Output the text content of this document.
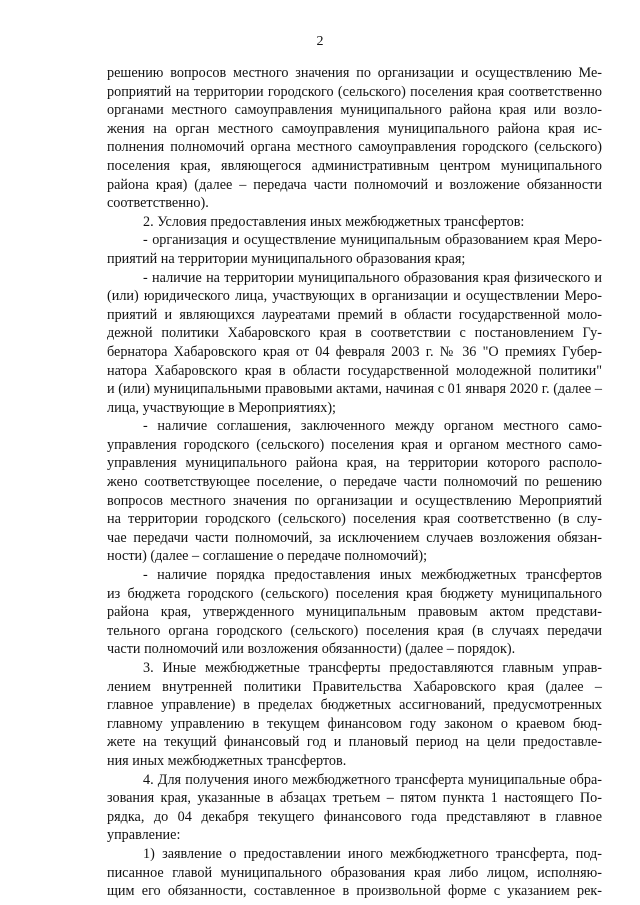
2
решению вопросов местного значения по организации и осуществлению Ме-
роприятий на территории городского (сельского) поселения края соответственно
органами местного самоуправления муниципального района края или возло-
жения на орган местного самоуправления муниципального района края ис-
полнения полномочий органа местного самоуправления городского (сельского)
поселения края, являющегося административным центром муниципального
района края) (далее – передача части полномочий и возложение обязанности
соответственно).
2. Условия предоставления иных межбюджетных трансфертов:
- организация и осуществление муниципальным образованием края Меро-
приятий на территории муниципального образования края;
- наличие на территории муниципального образования края физического и
(или) юридического лица, участвующих в организации и осуществлении Меро-
приятий и являющихся лауреатами премий в области государственной моло-
дежной политики Хабаровского края в соответствии с постановлением Гу-
бернатора Хабаровского края от 04 февраля 2003 г. № 36 "О премиях Губер-
натора Хабаровского края в области государственной молодежной политики"
и (или) муниципальными правовыми актами, начиная с 01 января 2020 г. (далее –
лица, участвующие в Мероприятиях);
- наличие соглашения, заключенного между органом местного само-
управления городского (сельского) поселения края и органом местного само-
управления муниципального района края, на территории которого располо-
жено соответствующее поселение, о передаче части полномочий по решению
вопросов местного значения по организации и осуществлению Мероприятий
на территории городского (сельского) поселения края соответственно (в слу-
чае передачи части полномочий, за исключением случаев возложения обязан-
ности) (далее – соглашение о передаче полномочий);
- наличие порядка предоставления иных межбюджетных трансфертов
из бюджета городского (сельского) поселения края бюджету муниципального
района края, утвержденного муниципальным правовым актом представи-
тельного органа городского (сельского) поселения края (в случаях передачи
части полномочий или возложения обязанности) (далее – порядок).
3. Иные межбюджетные трансферты предоставляются главным управ-
лением внутренней политики Правительства Хабаровского края (далее –
главное управление) в пределах бюджетных ассигнований, предусмотренных
главному управлению в текущем финансовом году законом о краевом бюд-
жете на текущий финансовый год и плановый период на цели предоставле-
ния иных межбюджетных трансфертов.
4. Для получения иного межбюджетного трансферта муниципальные обра-
зования края, указанные в абзацах третьем – пятом пункта 1 настоящего По-
рядка, до 04 декабря текущего финансового года представляют в главное
управление:
1) заявление о предоставлении иного межбюджетного трансферта, под-
писанное главой муниципального образования края либо лицом, исполняю-
щим его обязанности, составленное в произвольной форме с указанием рек-
